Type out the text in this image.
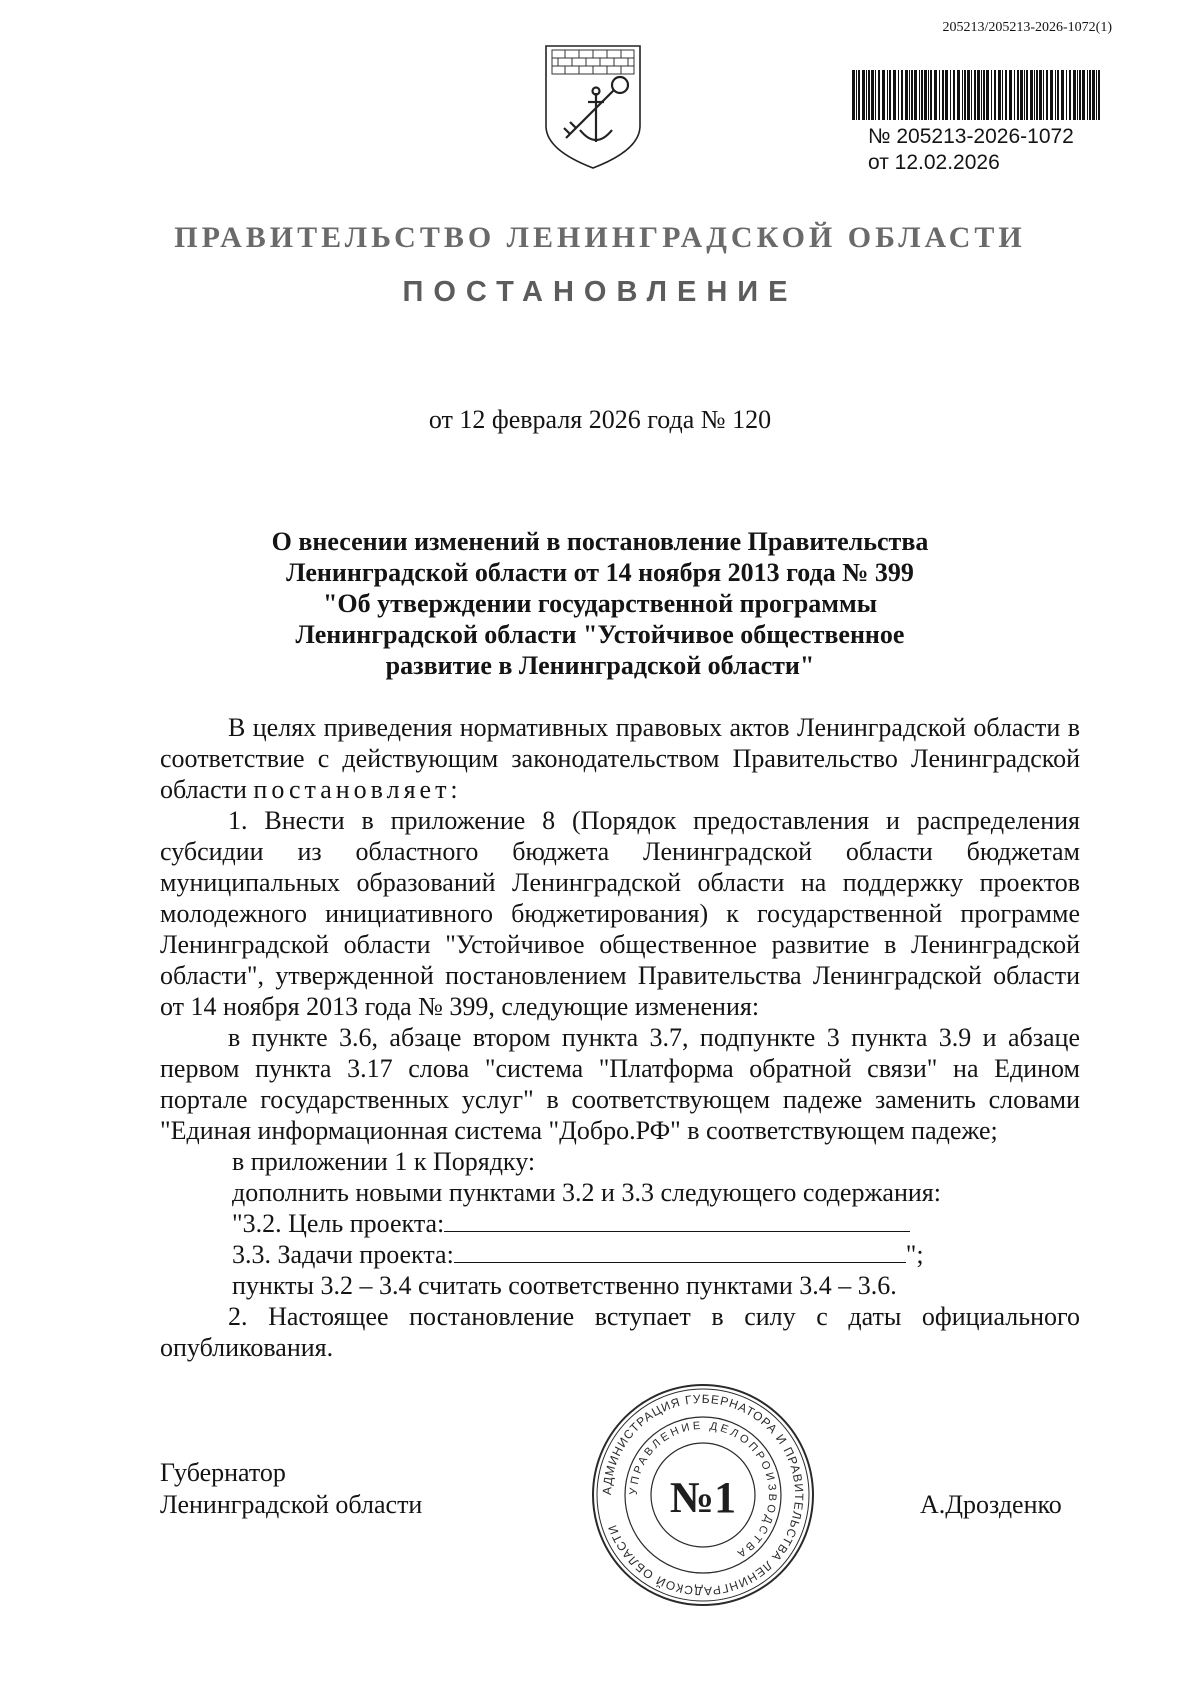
205213/205213-2026-1072(1)
№ 205213-2026-1072
от 12.02.2026
ПРАВИТЕЛЬСТВО ЛЕНИНГРАДСКОЙ ОБЛАСТИ
ПОСТАНОВЛЕНИЕ
от 12 февраля 2026 года № 120
О внесении изменений в постановление Правительства
Ленинградской области от 14 ноября 2013 года № 399
"Об утверждении государственной программы
Ленинградской области "Устойчивое общественное
развитие в Ленинградской области"

В целях приведения нормативных правовых актов Ленинградской области в соответствие с действующим законодательством Правительство Ленинградской области постановляет:

1. Внести в приложение 8 (Порядок предоставления и распределения субсидии из областного бюджета Ленинградской области бюджетам муниципальных образований Ленинградской области на поддержку проектов молодежного инициативного бюджетирования) к государственной программе Ленинградской области "Устойчивое общественное развитие в Ленинградской области", утвержденной постановлением Правительства Ленинградской области от 14 ноября 2013 года № 399, следующие изменения:

в пункте 3.6, абзаце втором пункта 3.7, подпункте 3 пункта 3.9 и абзаце первом пункта 3.17 слова "система "Платформа обратной связи" на Едином портале государственных услуг" в соответствующем падеже заменить словами "Единая информационная система "Добро.РФ" в соответствующем падеже;

в приложении 1 к Порядку:

дополнить новыми пунктами 3.2 и 3.3 следующего содержания:

"3.2. Цель проекта:

3.3. Задачи проекта:	";

пункты 3.2 – 3.4 считать соответственно пунктами 3.4 – 3.6.

2. Настоящее постановление вступает в силу с даты официального опубликования.

Губернатор
Ленинградской области	А.Дрозденко
АДМИНИСТРАЦИЯ ГУБЕРНАТОРА И ПРАВИТЕЛЬСТВА ЛЕНИНГРАДСКОЙ ОБЛАСТИ
УПРАВЛЕНИЕ ДЕЛОПРОИЗВОДСТВА
№1
